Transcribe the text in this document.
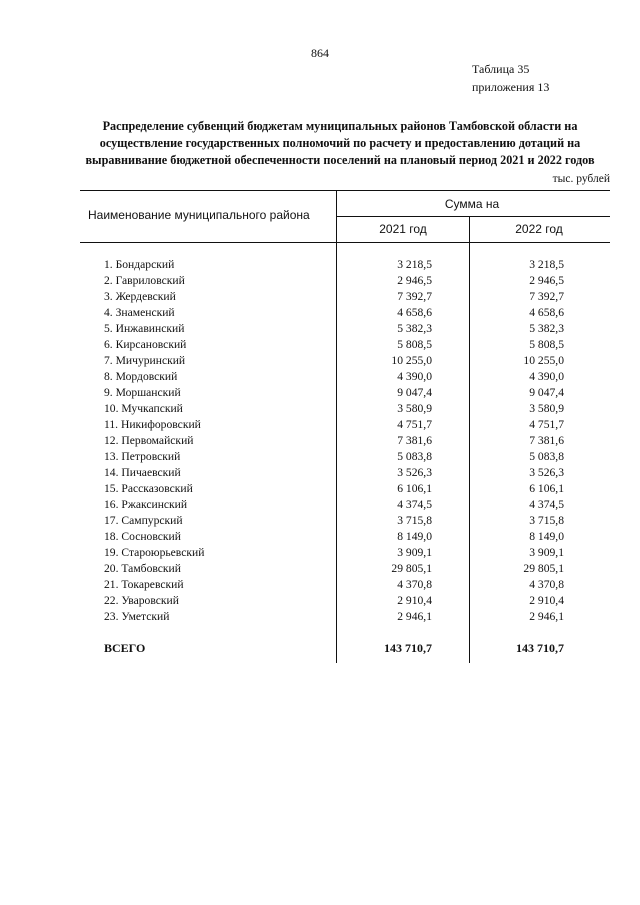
864
Таблица 35
приложения 13
Распределение субвенций бюджетам муниципальных районов Тамбовской области на осуществление государственных полномочий по расчету и предоставлению дотаций на выравнивание бюджетной обеспеченности поселений на плановый период 2021 и 2022 годов
тыс. рублей
Наименование муниципального района
Сумма на
2021 год	2022 год
1. Бондарский	3 218,5	3 218,5
2. Гавриловский	2 946,5	2 946,5
3. Жердевский	7 392,7	7 392,7
4. Знаменский	4 658,6	4 658,6
5. Инжавинский	5 382,3	5 382,3
6. Кирсановский	5 808,5	5 808,5
7. Мичуринский	10 255,0	10 255,0
8. Мордовский	4 390,0	4 390,0
9. Моршанский	9 047,4	9 047,4
10. Мучкапский	3 580,9	3 580,9
11. Никифоровский	4 751,7	4 751,7
12. Первомайский	7 381,6	7 381,6
13. Петровский	5 083,8	5 083,8
14. Пичаевский	3 526,3	3 526,3
15. Рассказовский	6 106,1	6 106,1
16. Ржаксинский	4 374,5	4 374,5
17. Сампурский	3 715,8	3 715,8
18. Сосновский	8 149,0	8 149,0
19. Староюрьевский	3 909,1	3 909,1
20. Тамбовский	29 805,1	29 805,1
21. Токаревский	4 370,8	4 370,8
22. Уваровский	2 910,4	2 910,4
23. Уметский	2 946,1	2 946,1
ВСЕГО	143 710,7	143 710,7
